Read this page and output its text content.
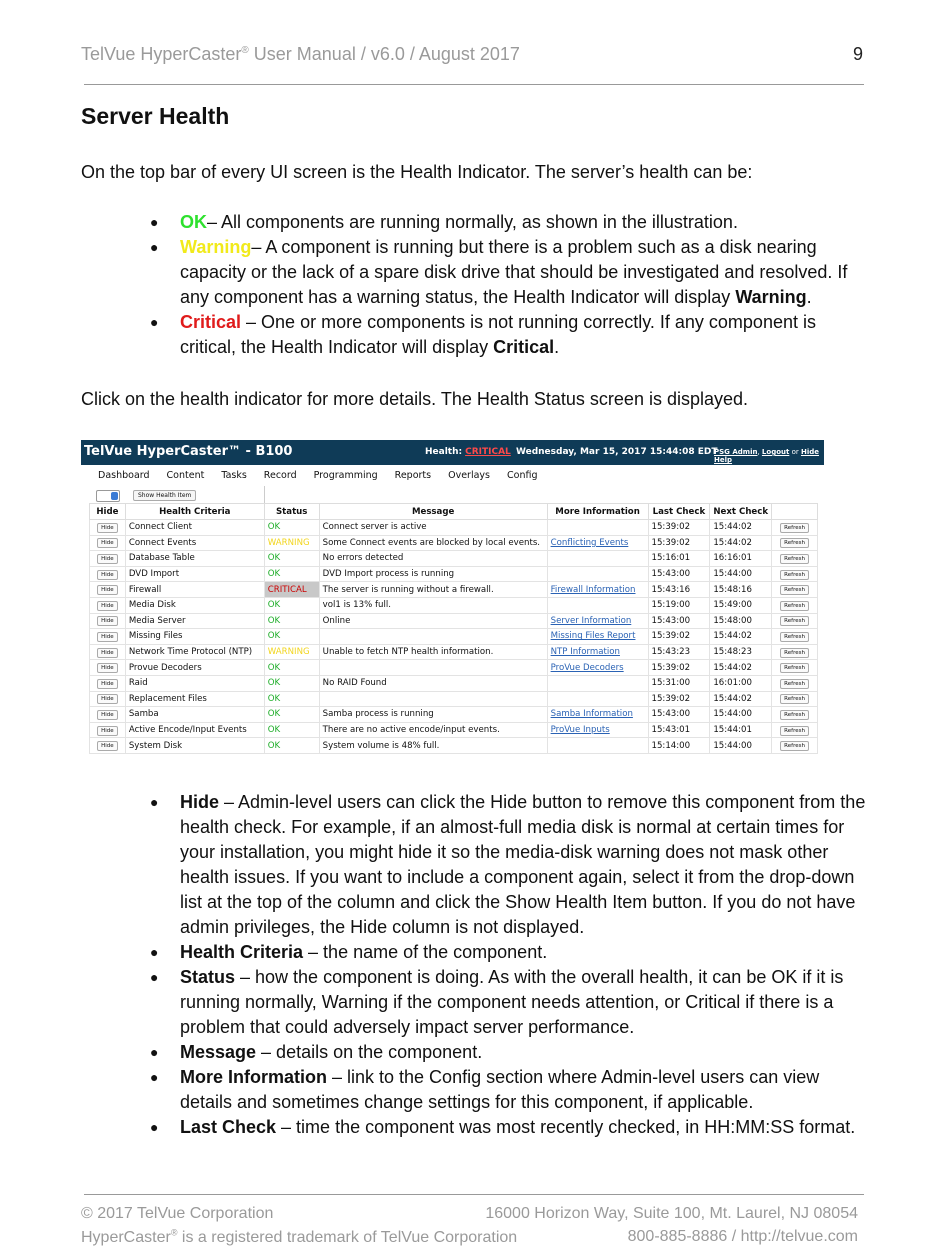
TelVue HyperCaster® User Manual / v6.0 / August 2017	9
Server Health

On the top bar of every UI screen is the Health Indicator. The server’s health can be:

● OK– All components are running normally, as shown in the illustration.
● Warning– A component is running but there is a problem such as a disk nearing capacity or the lack of a spare disk drive that should be investigated and resolved. If any component has a warning status, the Health Indicator will display Warning.
● Critical – One or more components is not running correctly. If any component is critical, the Health Indicator will display Critical.

Click on the health indicator for more details. The Health Status screen is displayed.

TelVue HyperCaster™ - B100	Health: CRITICAL Wednesday, Mar 15, 2017 15:44:08 EDT
PSG Admin, Logout or Hide Help
Dashboard Content Tasks Record Programming Reports Overlays Config
Show Health Item
Hide	Health Criteria	Status	Message	More Information	Last Check	Next Check	
Hide	Connect Client	OK	Connect server is active		15:39:02	15:44:02	Refresh
Hide	Connect Events	WARNING	Some Connect events are blocked by local events.	Conflicting Events	15:39:02	15:44:02	Refresh
Hide	Database Table	OK	No errors detected		15:16:01	16:16:01	Refresh
Hide	DVD Import	OK	DVD Import process is running		15:43:00	15:44:00	Refresh
Hide	Firewall	CRITICAL	The server is running without a firewall.	Firewall Information	15:43:16	15:48:16	Refresh
Hide	Media Disk	OK	vol1 is 13% full.		15:19:00	15:49:00	Refresh
Hide	Media Server	OK	Online	Server Information	15:43:00	15:48:00	Refresh
Hide	Missing Files	OK		Missing Files Report	15:39:02	15:44:02	Refresh
Hide	Network Time Protocol (NTP)	WARNING	Unable to fetch NTP health information.	NTP Information	15:43:23	15:48:23	Refresh
Hide	Provue Decoders	OK		ProVue Decoders	15:39:02	15:44:02	Refresh
Hide	Raid	OK	No RAID Found		15:31:00	16:01:00	Refresh
Hide	Replacement Files	OK			15:39:02	15:44:02	Refresh
Hide	Samba	OK	Samba process is running	Samba Information	15:43:00	15:44:00	Refresh
Hide	Active Encode/Input Events	OK	There are no active encode/input events.	ProVue Inputs	15:43:01	15:44:01	Refresh
Hide	System Disk	OK	System volume is 48% full.		15:14:00	15:44:00	Refresh
● Hide – Admin-level users can click the Hide button to remove this component from the health check. For example, if an almost-full media disk is normal at certain times for your installation, you might hide it so the media-disk warning does not mask other health issues. If you want to include a component again, select it from the drop-down list at the top of the column and click the Show Health Item button. If you do not have admin privileges, the Hide column is not displayed.
● Health Criteria – the name of the component.
● Status – how the component is doing. As with the overall health, it can be OK if it is running normally, Warning if the component needs attention, or Critical if there is a problem that could adversely impact server performance.
● Message – details on the component.
● More Information – link to the Config section where Admin-level users can view details and sometimes change settings for this component, if applicable.
● Last Check – time the component was most recently checked, in HH:MM:SS format.
© 2017 TelVue Corporation	16000 Horizon Way, Suite 100, Mt. Laurel, NJ 08054
HyperCaster® is a registered trademark of TelVue Corporation	800-885-8886 / http://telvue.com
